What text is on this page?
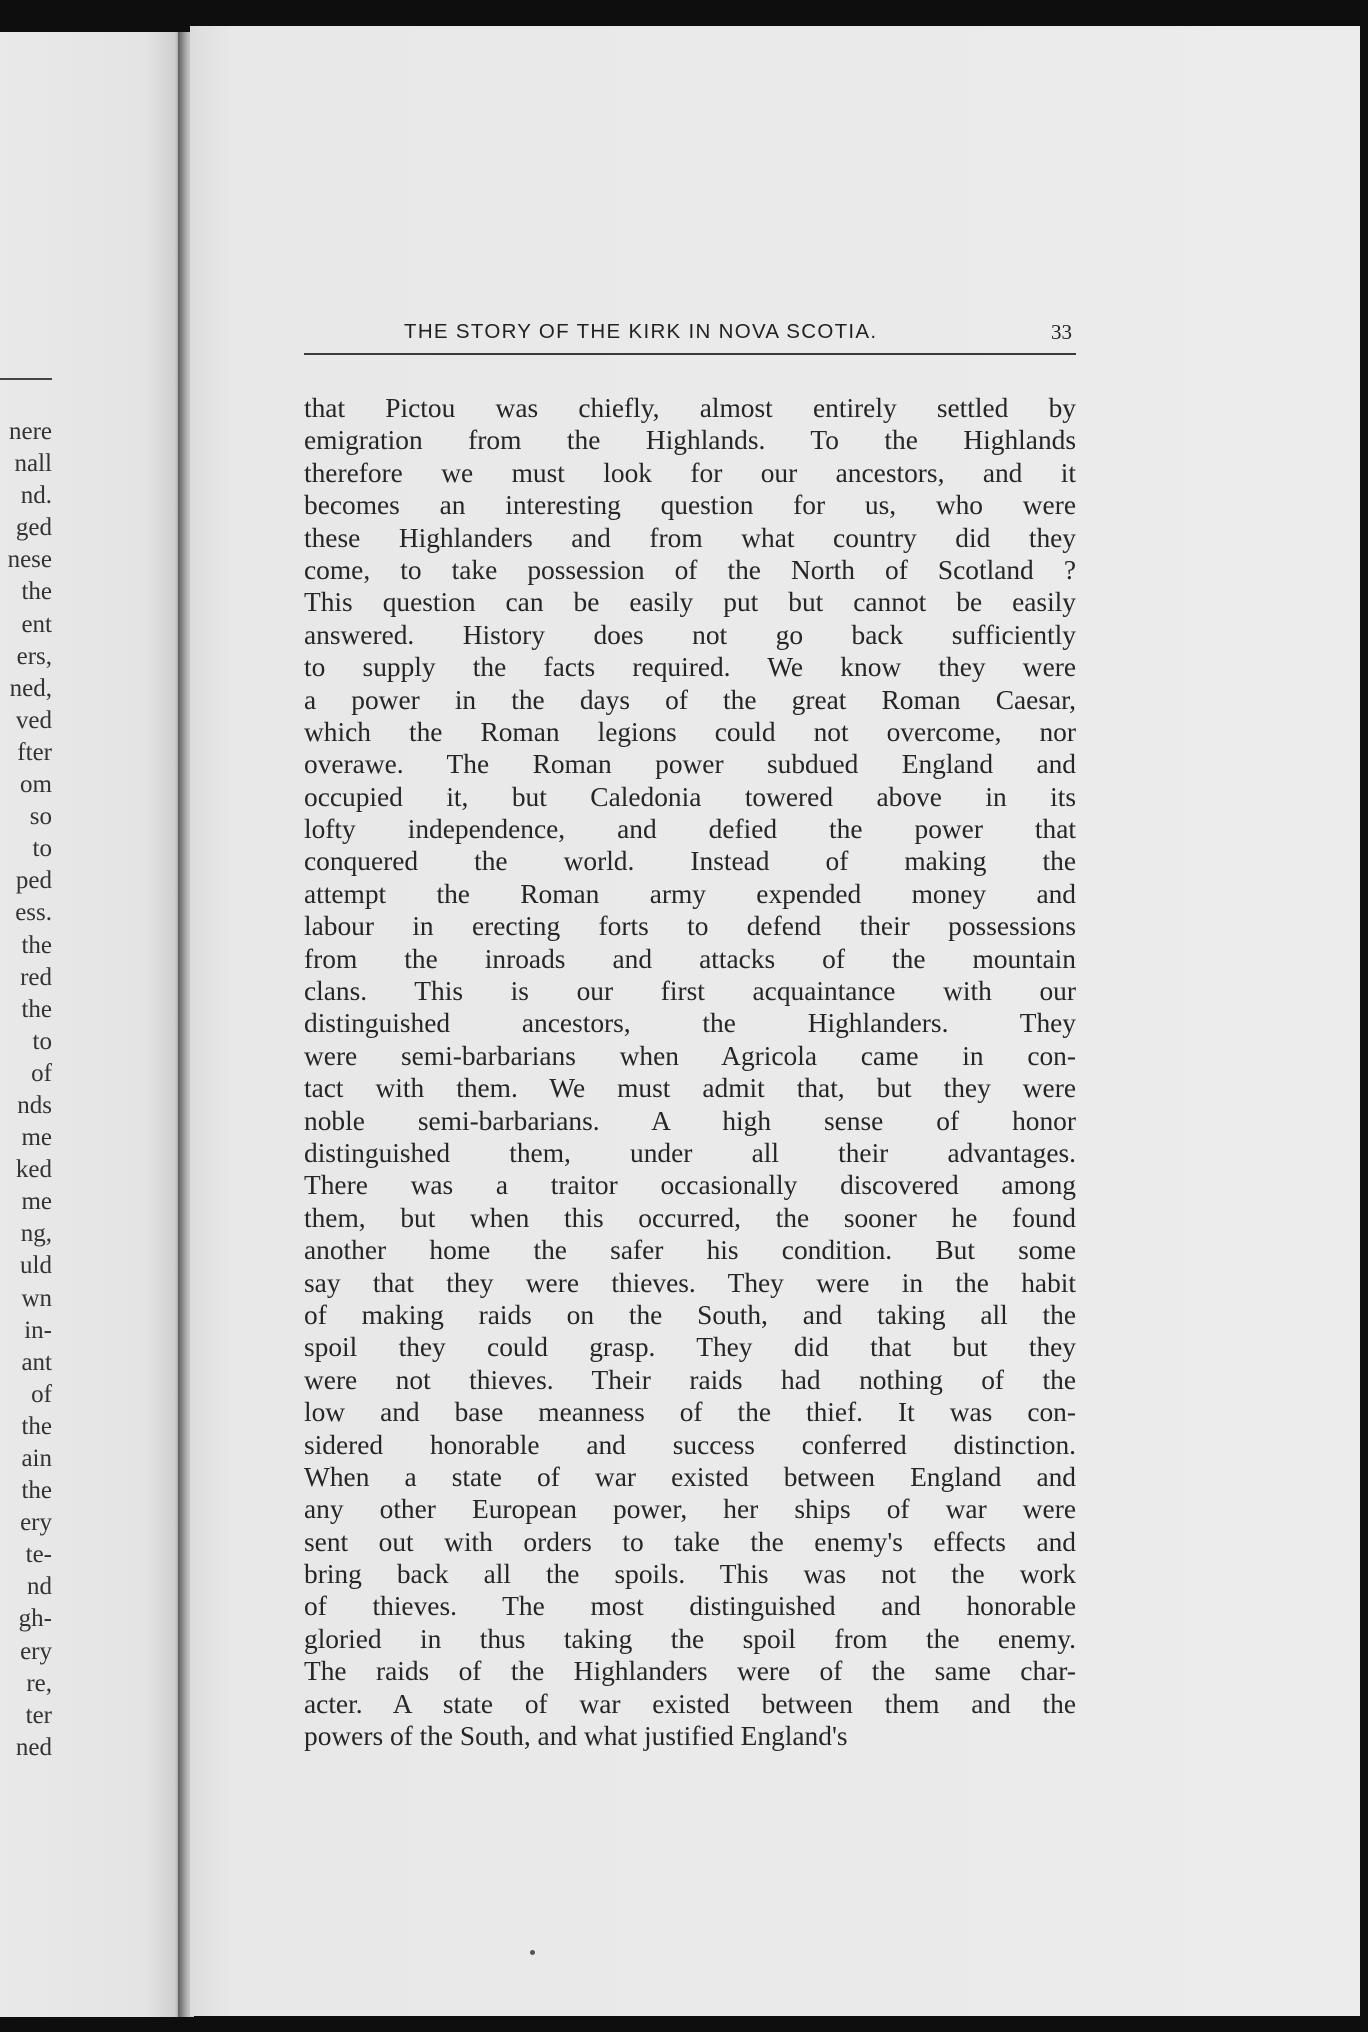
nere
nall
nd.
ged
nese
the
ent
ers,
ned,
ved
fter
om
so
to
ped
ess.
the
red
the
to
of
nds
me
ked
me
ng,
uld
wn
in-
ant
of
the
ain
the
ery
te-
nd
gh-
ery
re,
ter
ned
THE STORY OF THE KIRK IN NOVA SCOTIA.	33
that Pictou was chiefly, almost entirely settled by
emigration from the Highlands. To the Highlands
therefore we must look for our ancestors, and it
becomes an interesting question for us, who were
these Highlanders and from what country did they
come, to take possession of the North of Scotland ?
This question can be easily put but cannot be easily
answered. History does not go back sufficiently
to supply the facts required. We know they were
a power in the days of the great Roman Caesar,
which the Roman legions could not overcome, nor
overawe. The Roman power subdued England and
occupied it, but Caledonia towered above in its
lofty independence, and defied the power that
conquered the world. Instead of making the
attempt the Roman army expended money and
labour in erecting forts to defend their possessions
from the inroads and attacks of the mountain
clans. This is our first acquaintance with our
distinguished ancestors, the Highlanders. They
were semi-barbarians when Agricola came in con-
tact with them. We must admit that, but they were
noble semi-barbarians. A high sense of honor
distinguished them, under all their advantages.
There was a traitor occasionally discovered among
them, but when this occurred, the sooner he found
another home the safer his condition. But some
say that they were thieves. They were in the habit
of making raids on the South, and taking all the
spoil they could grasp. They did that but they
were not thieves. Their raids had nothing of the
low and base meanness of the thief. It was con-
sidered honorable and success conferred distinction.
When a state of war existed between England and
any other European power, her ships of war were
sent out with orders to take the enemy's effects and
bring back all the spoils. This was not the work
of thieves. The most distinguished and honorable
gloried in thus taking the spoil from the enemy.
The raids of the Highlanders were of the same char-
acter. A state of war existed between them and the
powers of the South, and what justified England's
